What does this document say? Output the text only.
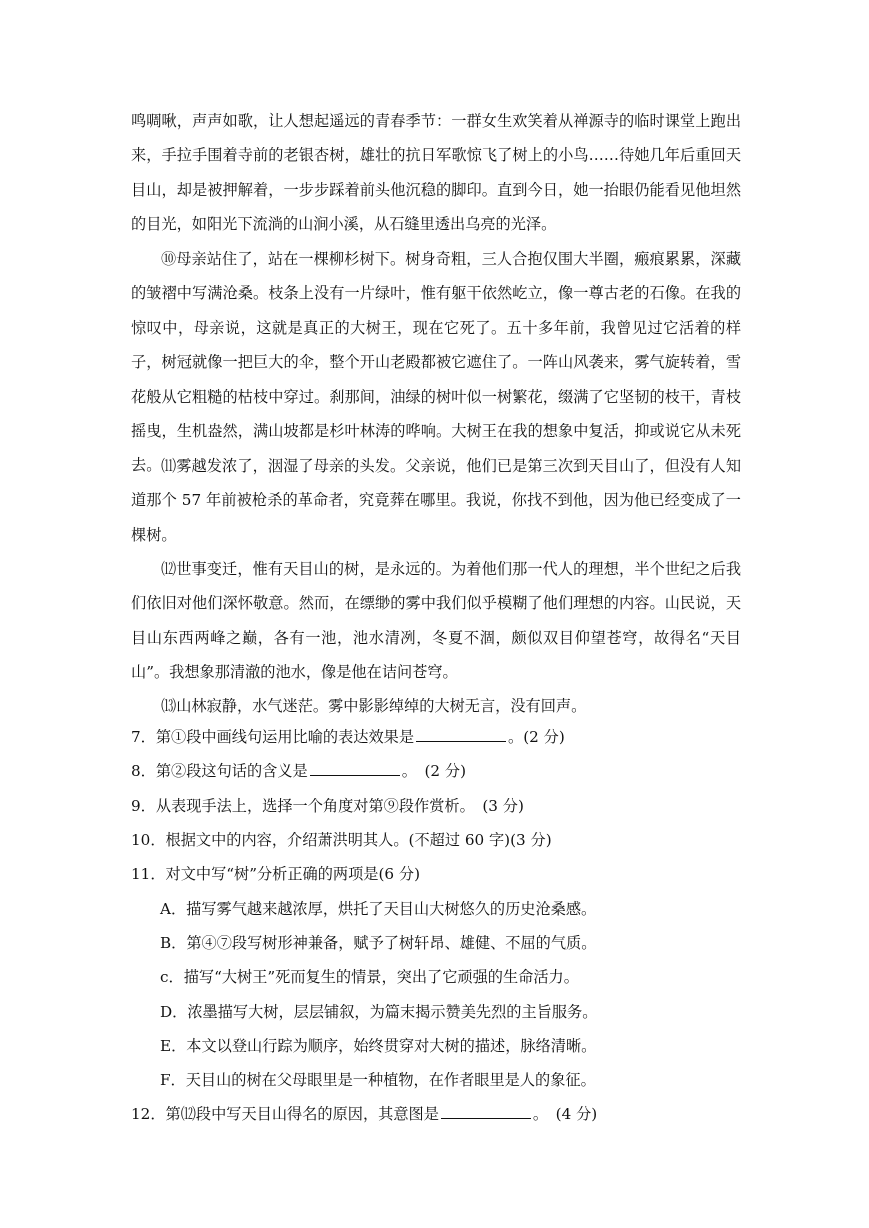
鸣啁啾，声声如歌，让人想起遥远的青春季节：一群女生欢笑着从禅源寺的临时课堂上跑出来，手拉手围着寺前的老银杏树，雄壮的抗日军歌惊飞了树上的小鸟……待她几年后重回天目山，却是被押解着，一步步踩着前头他沉稳的脚印。直到今日，她一抬眼仍能看见他坦然的目光，如阳光下流淌的山涧小溪，从石缝里透出乌亮的光泽。

⑩母亲站住了，站在一棵柳杉树下。树身奇粗，三人合抱仅围大半圈，瘢痕累累，深藏的皱褶中写满沧桑。枝条上没有一片绿叶，惟有躯干依然屹立，像一尊古老的石像。在我的惊叹中，母亲说，这就是真正的大树王，现在它死了。五十多年前，我曾见过它活着的样子，树冠就像一把巨大的伞，整个开山老殿都被它遮住了。一阵山风袭来，雾气旋转着，雪花般从它粗糙的枯枝中穿过。刹那间，油绿的树叶似一树繁花，缀满了它坚韧的枝干，青枝摇曳，生机盎然，满山坡都是杉叶林涛的哗响。大树王在我的想象中复活，抑或说它从未死去。 ⑾雾越发浓了，洇湿了母亲的头发。父亲说，他们已是第三次到天目山了，但没有人知道那个 57 年前被枪杀的革命者，究竟葬在哪里。我说，你找不到他，因为他已经变成了一棵树。

⑿世事变迁，惟有天目山的树，是永远的。为着他们那一代人的理想，半个世纪之后我们依旧对他们深怀敬意。然而，在缥缈的雾中我们似乎模糊了他们理想的内容。山民说，天目山东西两峰之巅，各有一池，池水清冽，冬夏不涸，颇似双目仰望苍穹，故得名“天目山”。我想象那清澈的池水，像是他在诘问苍穹。

⒀山林寂静，水气迷茫。雾中影影绰绰的大树无言，没有回声。

7．第①段中画线句运用比喻的表达效果是	。(2 分)
8．第②段这句话的含义是	。　(2 分)
9．从表现手法上，选择一个角度对第⑨段作赏析。　(3 分)
10．根据文中的内容，介绍萧洪明其人。(不超过 60 字)(3 分)
11．对文中写“树”分析正确的两项是(6 分)
A．描写雾气越来越浓厚，烘托了天目山大树悠久的历史沧桑感。
B．第④⑦段写树形神兼备，赋予了树轩昂、雄健、不屈的气质。
c．描写“大树王”死而复生的情景，突出了它顽强的生命活力。
D．浓墨描写大树，层层铺叙，为篇末揭示赞美先烈的主旨服务。
E．本文以登山行踪为顺序，始终贯穿对大树的描述，脉络清晰。
F．天目山的树在父母眼里是一种植物，在作者眼里是人的象征。
12．第⑿段中写天目山得名的原因，其意图是	。　(4 分)
